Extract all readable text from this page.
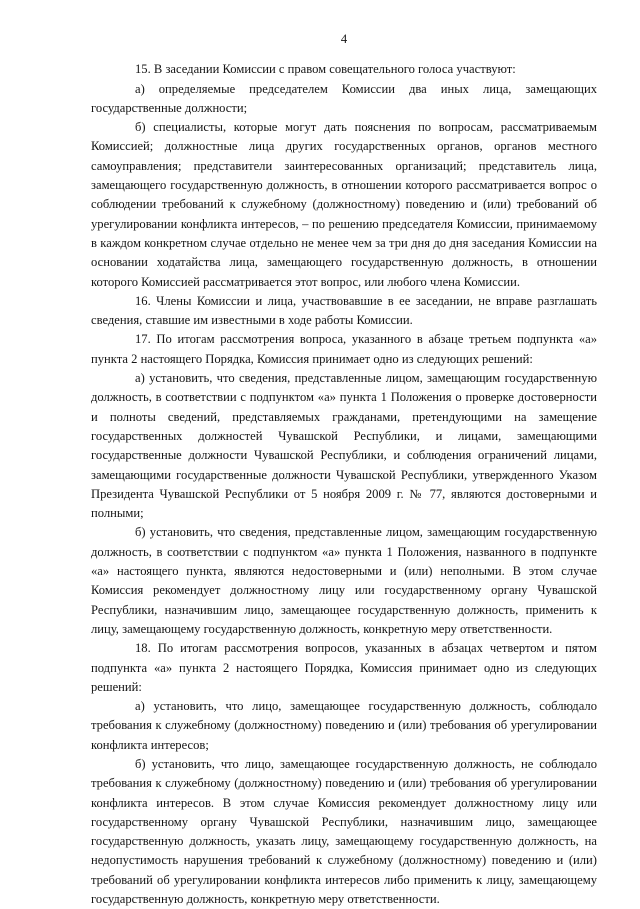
4

15. В заседании Комиссии с правом совещательного голоса участвуют:

а) определяемые председателем Комиссии два иных лица, замещающих государственные должности;

б) специалисты, которые могут дать пояснения по вопросам, рассматриваемым Комиссией; должностные лица других государственных органов, органов местного самоуправления; представители заинтересованных организаций; представитель лица, замещающего государственную должность, в отношении которого рассматривается вопрос о соблюдении требований к служебному (должностному) поведению и (или) требований об урегулировании конфликта интересов, – по решению председателя Комиссии, принимаемому в каждом конкретном случае отдельно не менее чем за три дня до дня заседания Комиссии на основании ходатайства лица, замещающего государственную должность, в отношении которого Комиссией рассматривается этот вопрос, или любого члена Комиссии.

16. Члены Комиссии и лица, участвовавшие в ее заседании, не вправе разглашать сведения, ставшие им известными в ходе работы Комиссии.

17. По итогам рассмотрения вопроса, указанного в абзаце третьем подпункта «а» пункта 2 настоящего Порядка, Комиссия принимает одно из следующих решений:

а) установить, что сведения, представленные лицом, замещающим государственную должность, в соответствии с подпунктом «а» пункта 1 Положения о проверке достоверности и полноты сведений, представляемых гражданами, претендующими на замещение государственных должностей Чувашской Республики, и лицами, замещающими государственные должности Чувашской Республики, и соблюдения ограничений лицами, замещающими государственные должности Чувашской Республики, утвержденного Указом Президента Чувашской Республики от 5 ноября 2009 г. № 77, являются достоверными и полными;

б) установить, что сведения, представленные лицом, замещающим государственную должность, в соответствии с подпунктом «а» пункта 1 Положения, названного в подпункте «а» настоящего пункта, являются недостоверными и (или) неполными. В этом случае Комиссия рекомендует должностному лицу или государственному органу Чувашской Республики, назначившим лицо, замещающее государственную должность, применить к лицу, замещающему государственную должность, конкретную меру ответственности.

18. По итогам рассмотрения вопросов, указанных в абзацах четвертом и пятом подпункта «а» пункта 2 настоящего Порядка, Комиссия принимает одно из следующих решений:

а) установить, что лицо, замещающее государственную должность, соблюдало требования к служебному (должностному) поведению и (или) требования об урегулировании конфликта интересов;

б) установить, что лицо, замещающее государственную должность, не соблюдало требования к служебному (должностному) поведению и (или) требования об урегулировании конфликта интересов. В этом случае Комиссия рекомендует должностному лицу или государственному органу Чувашской Республики, назначившим лицо, замещающее государственную должность, указать лицу, замещающему государственную должность, на недопустимость нарушения требований к служебному (должностному) поведению и (или) требований об урегулировании конфликта интересов либо применить к лицу, замещающему государственную должность, конкретную меру ответственности.
